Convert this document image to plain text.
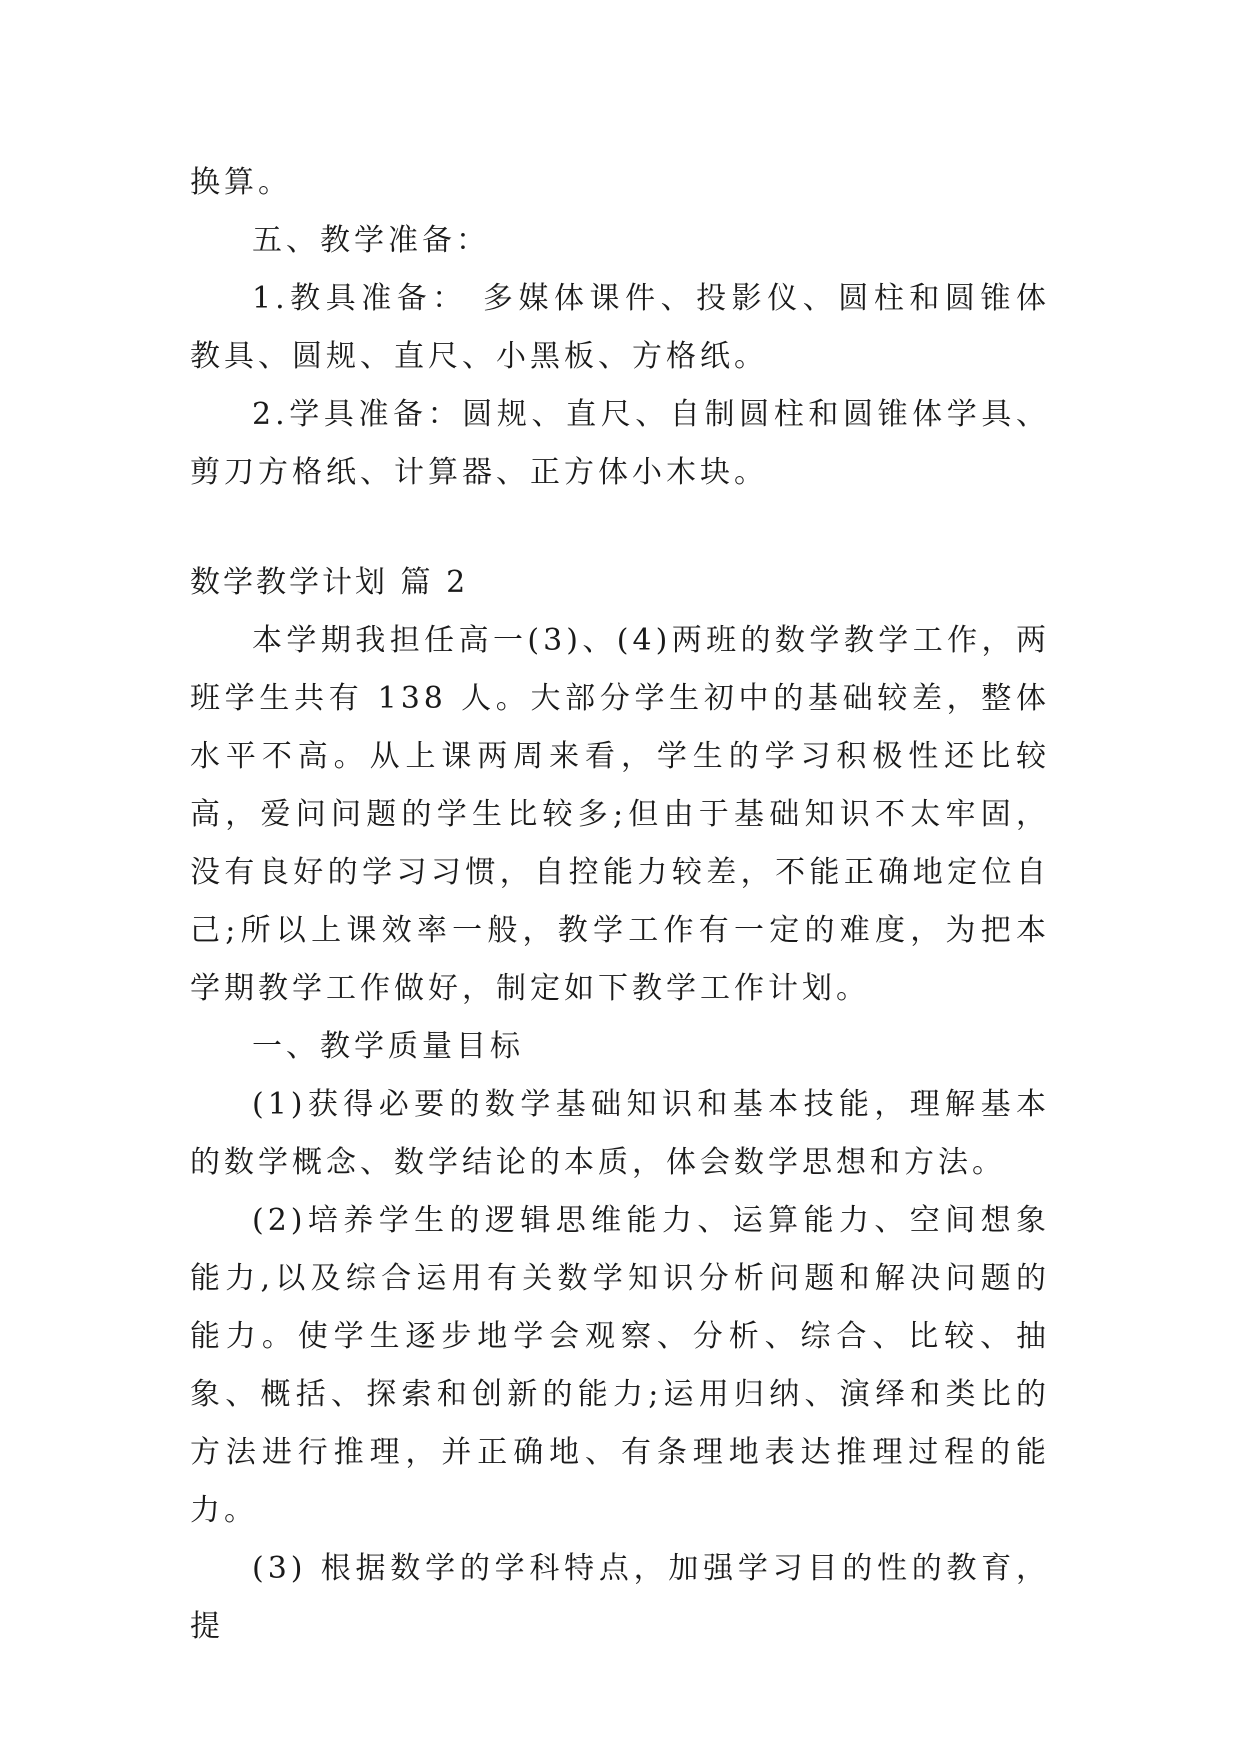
换算。

五、教学准备：

1.教具准备： 多媒体课件、投影仪、圆柱和圆锥体教具、圆规、直尺、小黑板、方格纸。

2.学具准备：圆规、直尺、自制圆柱和圆锥体学具、剪刀方格纸、计算器、正方体小木块。

数学教学计划 篇 2

本学期我担任高一(3)、(4)两班的数学教学工作，两班学生共有 138 人。大部分学生初中的基础较差，整体水平不高。从上课两周来看，学生的学习积极性还比较高，爱问问题的学生比较多;但由于基础知识不太牢固，没有良好的学习习惯，自控能力较差，不能正确地定位自己;所以上课效率一般，教学工作有一定的难度，为把本学期教学工作做好，制定如下教学工作计划。

一、教学质量目标

(1)获得必要的数学基础知识和基本技能，理解基本的数学概念、数学结论的本质，体会数学思想和方法。

(2)培养学生的逻辑思维能力、运算能力、空间想象能力,以及综合运用有关数学知识分析问题和解决问题的能力。使学生逐步地学会观察、分析、综合、比较、抽象、概括、探索和创新的能力;运用归纳、演绎和类比的方法进行推理，并正确地、有条理地表达推理过程的能力。

(3) 根据数学的学科特点，加强学习目的性的教育，提
